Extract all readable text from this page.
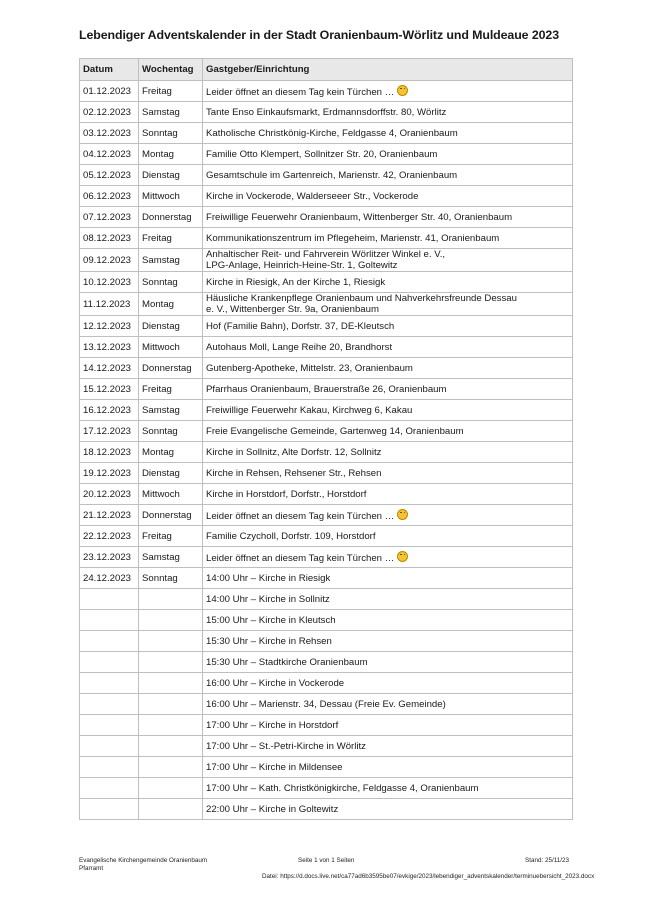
Lebendiger Adventskalender in der Stadt Oranienbaum-Wörlitz und Muldeaue 2023
Datum	Wochentag	Gastgeber/Einrichtung
01.12.2023	Freitag	Leider öffnet an diesem Tag kein Türchen …
02.12.2023	Samstag	Tante Enso Einkaufsmarkt, Erdmannsdorffstr. 80, Wörlitz
03.12.2023	Sonntag	Katholische Christkönig-Kirche, Feldgasse 4, Oranienbaum
04.12.2023	Montag	Familie Otto Klempert, Sollnitzer Str. 20, Oranienbaum
05.12.2023	Dienstag	Gesamtschule im Gartenreich, Marienstr. 42, Oranienbaum
06.12.2023	Mittwoch	Kirche in Vockerode, Walderseeer Str., Vockerode
07.12.2023	Donnerstag	Freiwillige Feuerwehr Oranienbaum, Wittenberger Str. 40, Oranienbaum
08.12.2023	Freitag	Kommunikationszentrum im Pflegeheim, Marienstr. 41, Oranienbaum
09.12.2023	Samstag	Anhaltischer Reit- und Fahrverein Wörlitzer Winkel e. V.,
LPG-Anlage, Heinrich-Heine-Str. 1, Goltewitz

10.12.2023	Sonntag	Kirche in Riesigk, An der Kirche 1, Riesigk
11.12.2023	Montag	Häusliche Krankenpflege Oranienbaum und Nahverkehrsfreunde Dessau
e. V., Wittenberger Str. 9a, Oranienbaum

12.12.2023	Dienstag	Hof (Familie Bahn), Dorfstr. 37, DE-Kleutsch
13.12.2023	Mittwoch	Autohaus Moll, Lange Reihe 20, Brandhorst
14.12.2023	Donnerstag	Gutenberg-Apotheke, Mittelstr. 23, Oranienbaum
15.12.2023	Freitag	Pfarrhaus Oranienbaum, Brauerstraße 26, Oranienbaum
16.12.2023	Samstag	Freiwillige Feuerwehr Kakau, Kirchweg 6, Kakau
17.12.2023	Sonntag	Freie Evangelische Gemeinde, Gartenweg 14, Oranienbaum
18.12.2023	Montag	Kirche in Sollnitz, Alte Dorfstr. 12, Sollnitz
19.12.2023	Dienstag	Kirche in Rehsen, Rehsener Str., Rehsen
20.12.2023	Mittwoch	Kirche in Horstdorf, Dorfstr., Horstdorf
21.12.2023	Donnerstag	Leider öffnet an diesem Tag kein Türchen …
22.12.2023	Freitag	Familie Czycholl, Dorfstr. 109, Horstdorf
23.12.2023	Samstag	Leider öffnet an diesem Tag kein Türchen …
24.12.2023	Sonntag	14:00 Uhr – Kirche in Riesigk
		14:00 Uhr – Kirche in Sollnitz
		15:00 Uhr – Kirche in Kleutsch
		15:30 Uhr – Kirche in Rehsen
		15:30 Uhr – Stadtkirche Oranienbaum
		16:00 Uhr – Kirche in Vockerode
		16:00 Uhr – Marienstr. 34, Dessau (Freie Ev. Gemeinde)
		17:00 Uhr – Kirche in Horstdorf
		17:00 Uhr – St.-Petri-Kirche in Wörlitz
		17:00 Uhr – Kirche in Mildensee
		17:00 Uhr – Kath. Christkönigkirche, Feldgasse 4, Oranienbaum
		22:00 Uhr – Kirche in Goltewitz
Evangelische Kirchengemeinde Oranienbaum
Pfarramt
Seite 1 von 1 Seiten	Stand: 25/11/23
Datei: https://d.docs.live.net/ca77ad6b3595be07/evkige/2023/lebendiger_adventskalender/terminuebersicht_2023.docx
